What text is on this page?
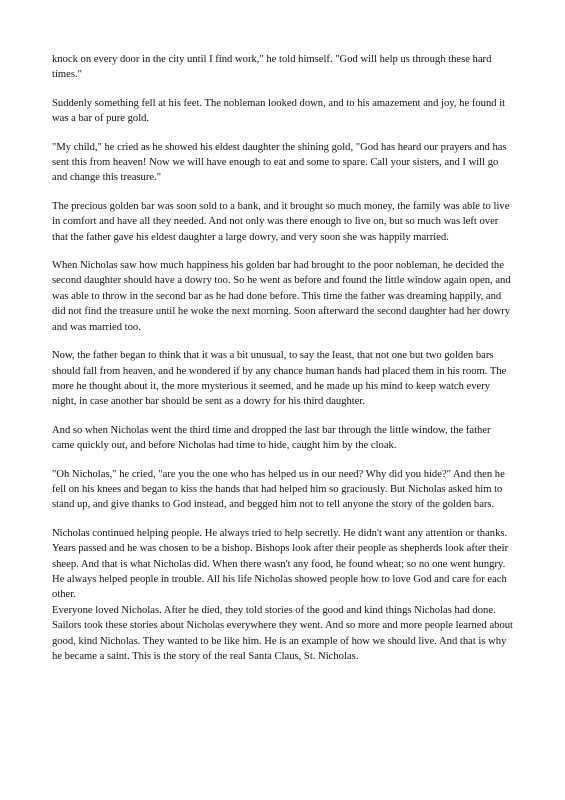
knock on every door in the city until I find work," he told himself. "God will help us through these hard times."

Suddenly something fell at his feet. The nobleman looked down, and to his amazement and joy, he found it was a bar of pure gold.

"My child," he cried as he showed his eldest daughter the shining gold, "God has heard our prayers and has sent this from heaven! Now we will have enough to eat and some to spare. Call your sisters, and I will go and change this treasure."

The precious golden bar was soon sold to a bank, and it brought so much money, the family was able to live in comfort and have all they needed. And not only was there enough to live on, but so much was left over that the father gave his eldest daughter a large dowry, and very soon she was happily married.

When Nicholas saw how much happiness his golden bar had brought to the poor nobleman, he decided the second daughter should have a dowry too. So he went as before and found the little window again open, and was able to throw in the second bar as he had done before. This time the father was dreaming happily, and did not find the treasure until he woke the next morning. Soon afterward the second daughter had her dowry and was married too.

Now, the father began to think that it was a bit unusual, to say the least, that not one but two golden bars should fall from heaven, and he wondered if by any chance human hands had placed them in his room. The more he thought about it, the more mysterious it seemed, and he made up his mind to keep watch every night, in case another bar should be sent as a dowry for his third daughter.

And so when Nicholas went the third time and dropped the last bar through the little window, the father came quickly out, and before Nicholas had time to hide, caught him by the cloak.

"Oh Nicholas," he cried, "are you the one who has helped us in our need? Why did you hide?" And then he fell on his knees and began to kiss the hands that had helped him so graciously. But Nicholas asked him to stand up, and give thanks to God instead, and begged him not to tell anyone the story of the golden bars.

Nicholas continued helping people. He always tried to help secretly. He didn't want any attention or thanks. Years passed and he was chosen to be a bishop. Bishops look after their people as shepherds look after their sheep. And that is what Nicholas did. When there wasn't any food, he found wheat; so no one went hungry. He always helped people in trouble. All his life Nicholas showed people how to love God and care for each other.

Everyone loved Nicholas. After he died, they told stories of the good and kind things Nicholas had done. Sailors took these stories about Nicholas everywhere they went. And so more and more people learned about good, kind Nicholas. They wanted to be like him. He is an example of how we should live. And that is why he became a saint. This is the story of the real Santa Claus, St. Nicholas.
